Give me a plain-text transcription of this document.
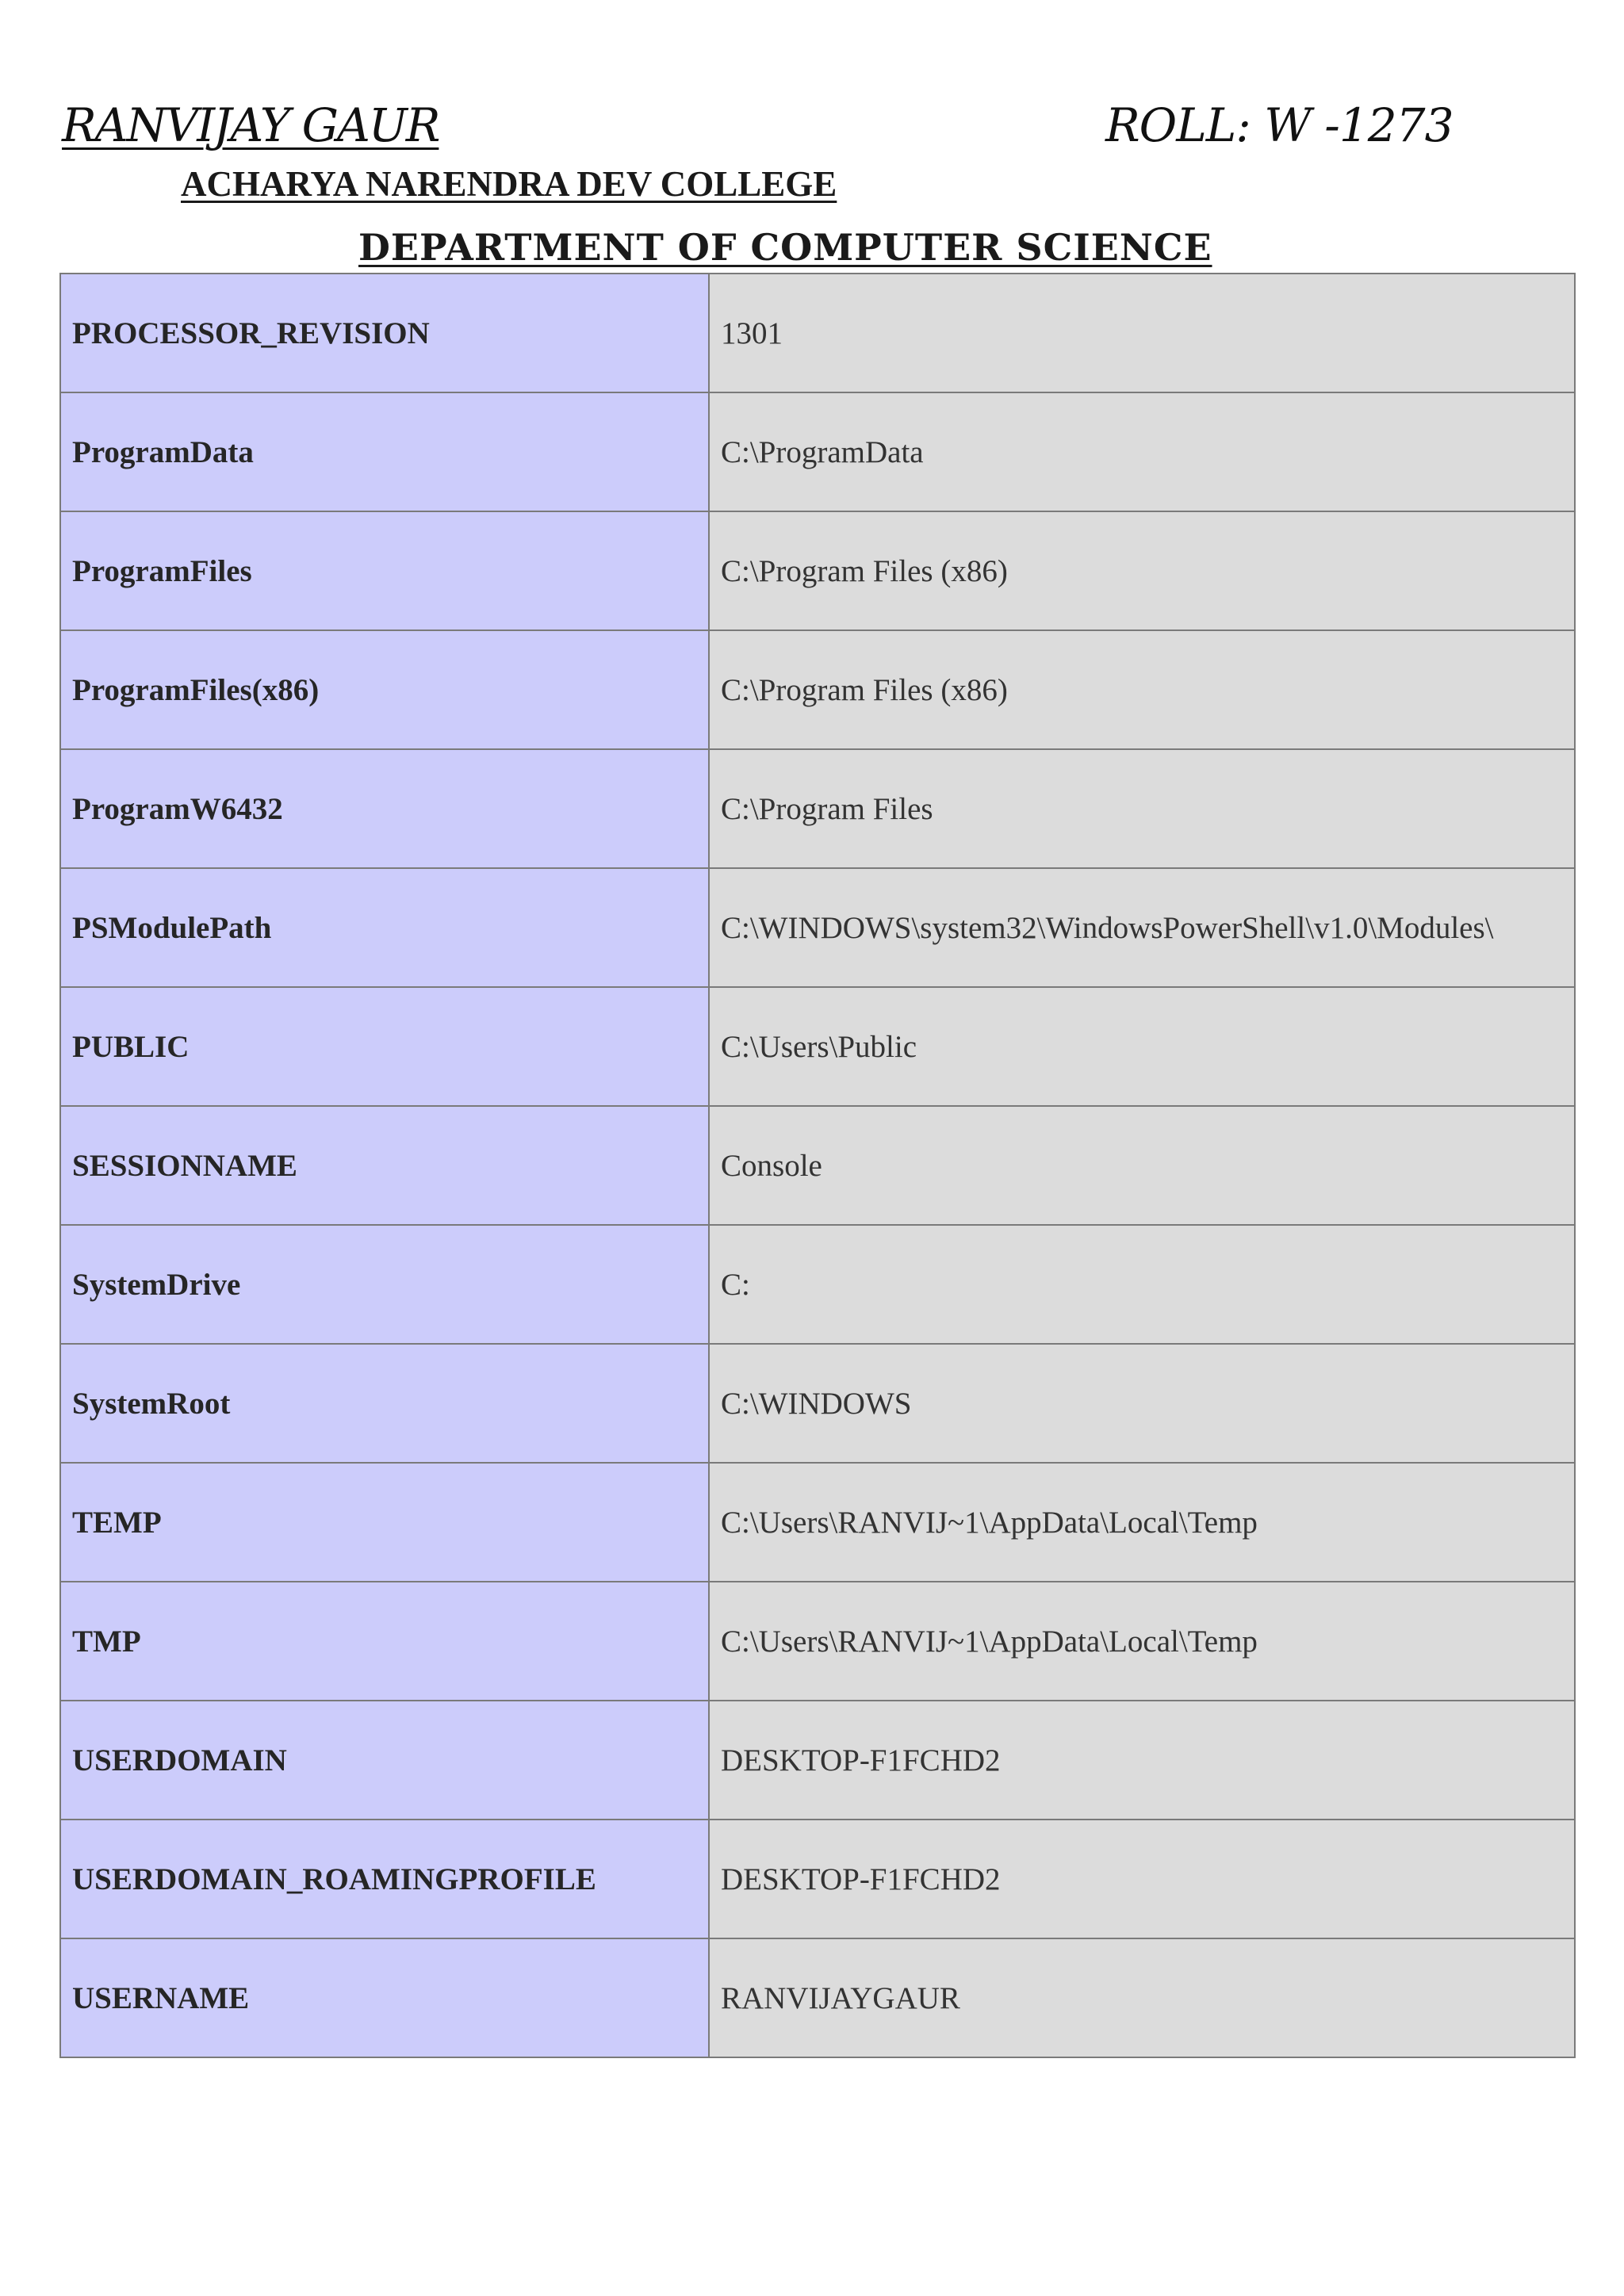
RANVIJAY GAUR	ROLL: W -1273
ACHARYA NARENDRA DEV COLLEGE
DEPARTMENT OF COMPUTER SCIENCE
PROCESSOR_REVISION	1301
ProgramData	C:\ProgramData
ProgramFiles	C:\Program Files (x86)
ProgramFiles(x86)	C:\Program Files (x86)
ProgramW6432	C:\Program Files
PSModulePath	C:\WINDOWS\system32\WindowsPowerShell\v1.0\Modules\
PUBLIC	C:\Users\Public
SESSIONNAME	Console
SystemDrive	C:
SystemRoot	C:\WINDOWS
TEMP	C:\Users\RANVIJ~1\AppData\Local\Temp
TMP	C:\Users\RANVIJ~1\AppData\Local\Temp
USERDOMAIN	DESKTOP-F1FCHD2
USERDOMAIN_ROAMINGPROFILE	DESKTOP-F1FCHD2
USERNAME	RANVIJAYGAUR
